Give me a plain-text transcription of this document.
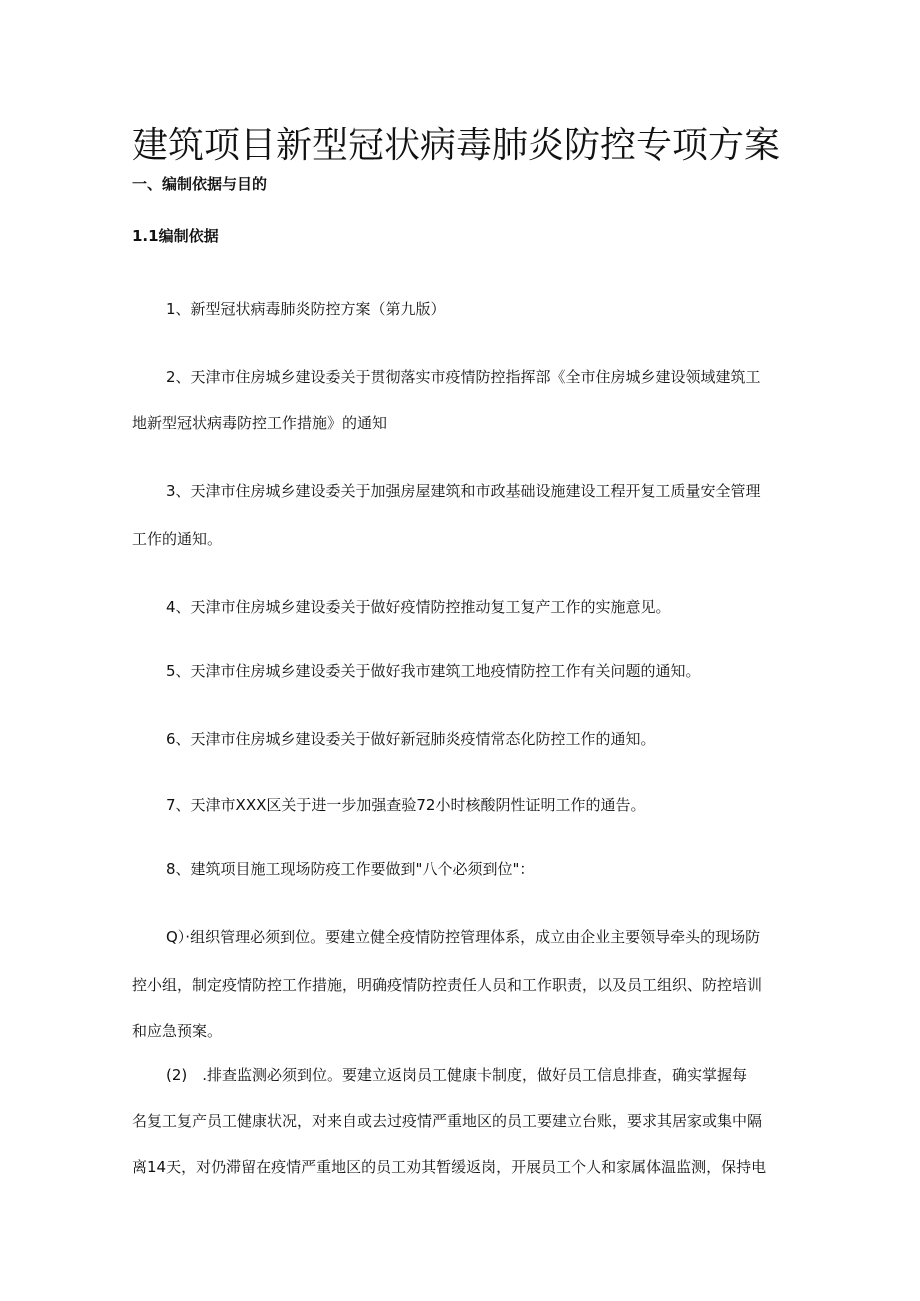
建筑项目新型冠状病毒肺炎防控专项方案
一、编制依据与目的
1.1编制依据
1、新型冠状病毒肺炎防控方案（第九版）
2、天津市住房城乡建设委关于贯彻落实市疫情防控指挥部《全市住房城乡建设领域建筑工
地新型冠状病毒防控工作措施》的通知
3、天津市住房城乡建设委关于加强房屋建筑和市政基础设施建设工程开复工质量安全管理
工作的通知。
4、天津市住房城乡建设委关于做好疫情防控推动复工复产工作的实施意见。
5、天津市住房城乡建设委关于做好我市建筑工地疫情防控工作有关问题的通知。
6、天津市住房城乡建设委关于做好新冠肺炎疫情常态化防控工作的通知。
7、天津市XXX区关于进一步加强查验72小时核酸阴性证明工作的通告。
8、建筑项目施工现场防疫工作要做到"八个必须到位"：
Q）·组织管理必须到位。要建立健全疫情防控管理体系，成立由企业主要领导牵头的现场防
控小组，制定疫情防控工作措施，明确疫情防控责任人员和工作职责，以及员工组织、防控培训
和应急预案。
(2)　.排查监测必须到位。要建立返岗员工健康卡制度，做好员工信息排查，确实掌握每
名复工复产员工健康状况，对来自或去过疫情严重地区的员工要建立台账，要求其居家或集中隔
离14天，对仍滞留在疫情严重地区的员工劝其暂缓返岗，开展员工个人和家属体温监测，保持电
